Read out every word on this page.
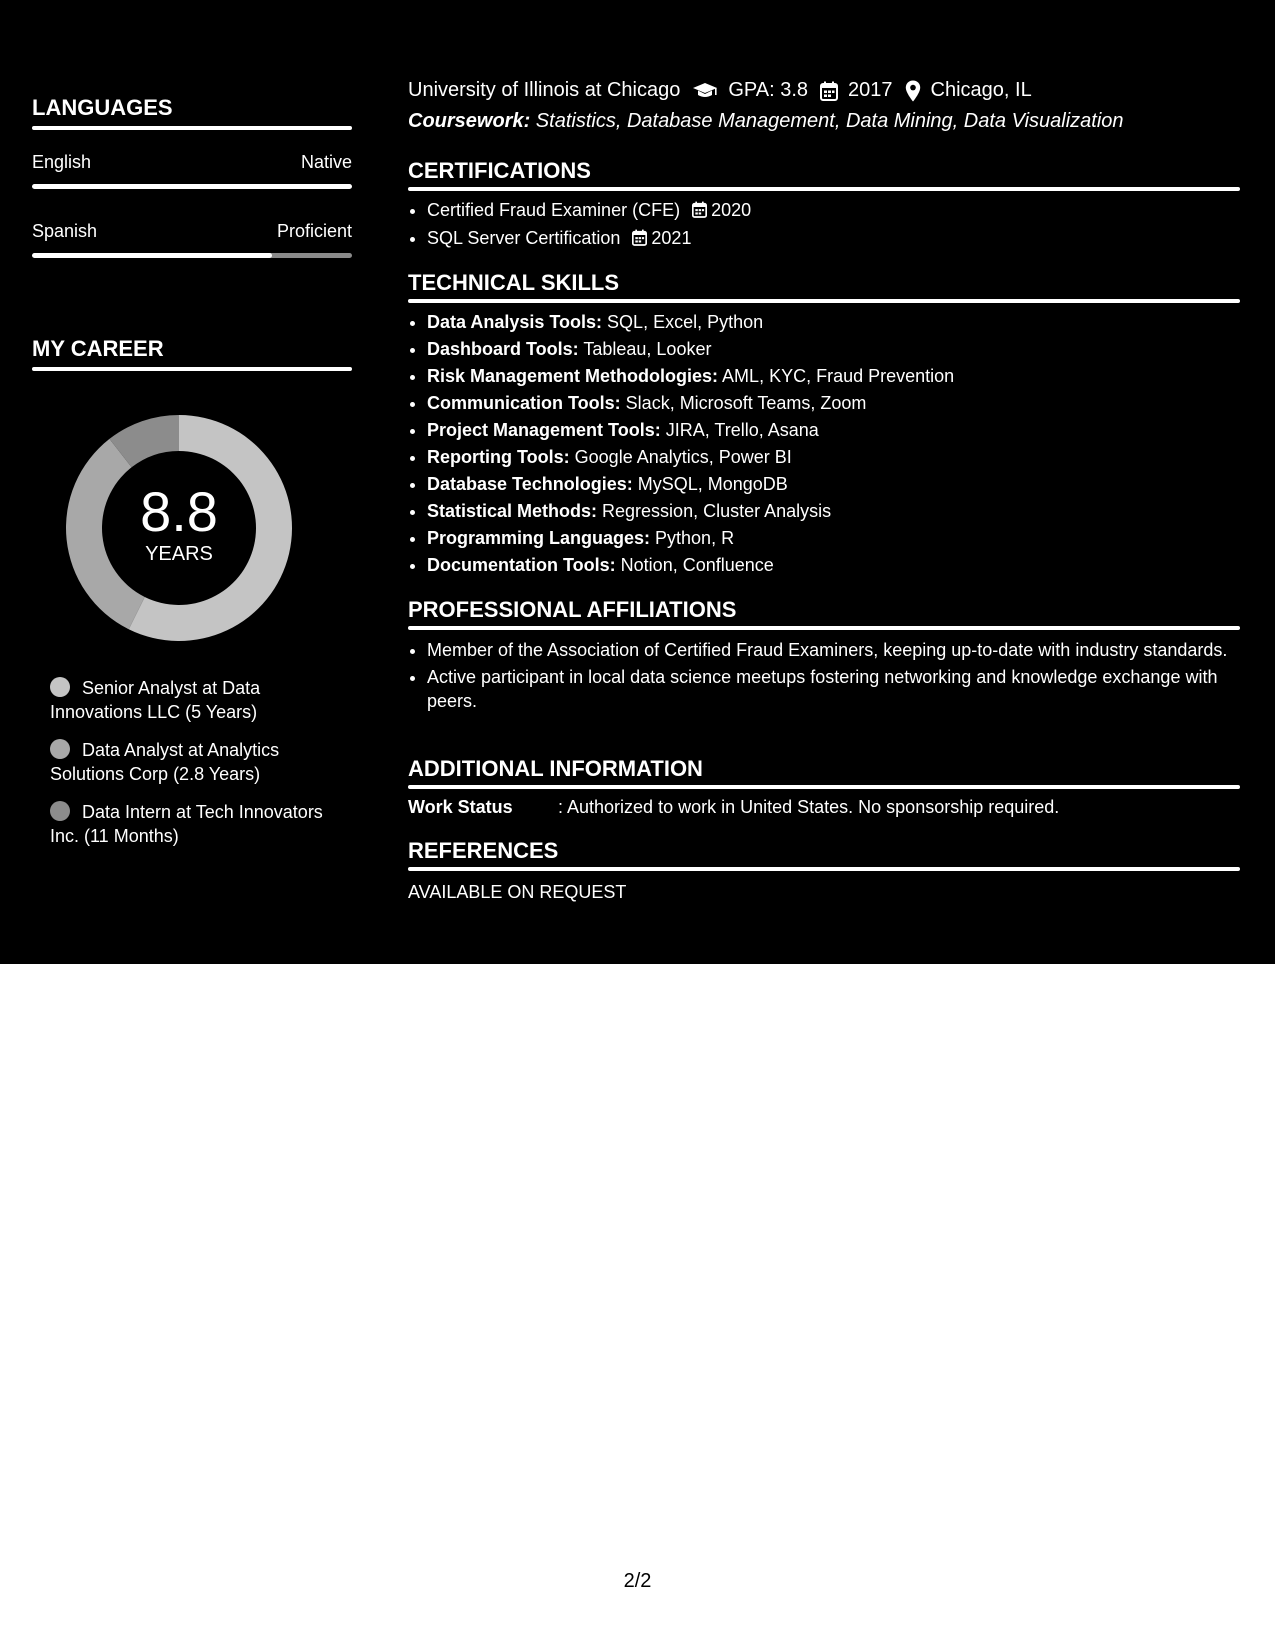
LANGUAGES
English	Native
Spanish	Proficient
MY CAREER
8.8
YEARS
Senior Analyst at Data Innovations LLC (5 Years)
Data Analyst at Analytics Solutions Corp (2.8 Years)
Data Intern at Tech Innovators Inc. (11 Months)
University of Illinois at Chicago GPA: 3.8 2017 Chicago, IL
Coursework: Statistics, Database Management, Data Mining, Data Visualization
CERTIFICATIONS
• Certified Fraud Examiner (CFE) 2020
• SQL Server Certification 2021
TECHNICAL SKILLS
• Data Analysis Tools: SQL, Excel, Python
• Dashboard Tools: Tableau, Looker
• Risk Management Methodologies: AML, KYC, Fraud Prevention
• Communication Tools: Slack, Microsoft Teams, Zoom
• Project Management Tools: JIRA, Trello, Asana
• Reporting Tools: Google Analytics, Power BI
• Database Technologies: MySQL, MongoDB
• Statistical Methods: Regression, Cluster Analysis
• Programming Languages: Python, R
• Documentation Tools: Notion, Confluence
PROFESSIONAL AFFILIATIONS
• Member of the Association of Certified Fraud Examiners, keeping up-to-date with industry standards.
• Active participant in local data science meetups fostering networking and knowledge exchange with peers.
ADDITIONAL INFORMATION
Work Status	: Authorized to work in United States. No sponsorship required.
REFERENCES
AVAILABLE ON REQUEST
2/2
